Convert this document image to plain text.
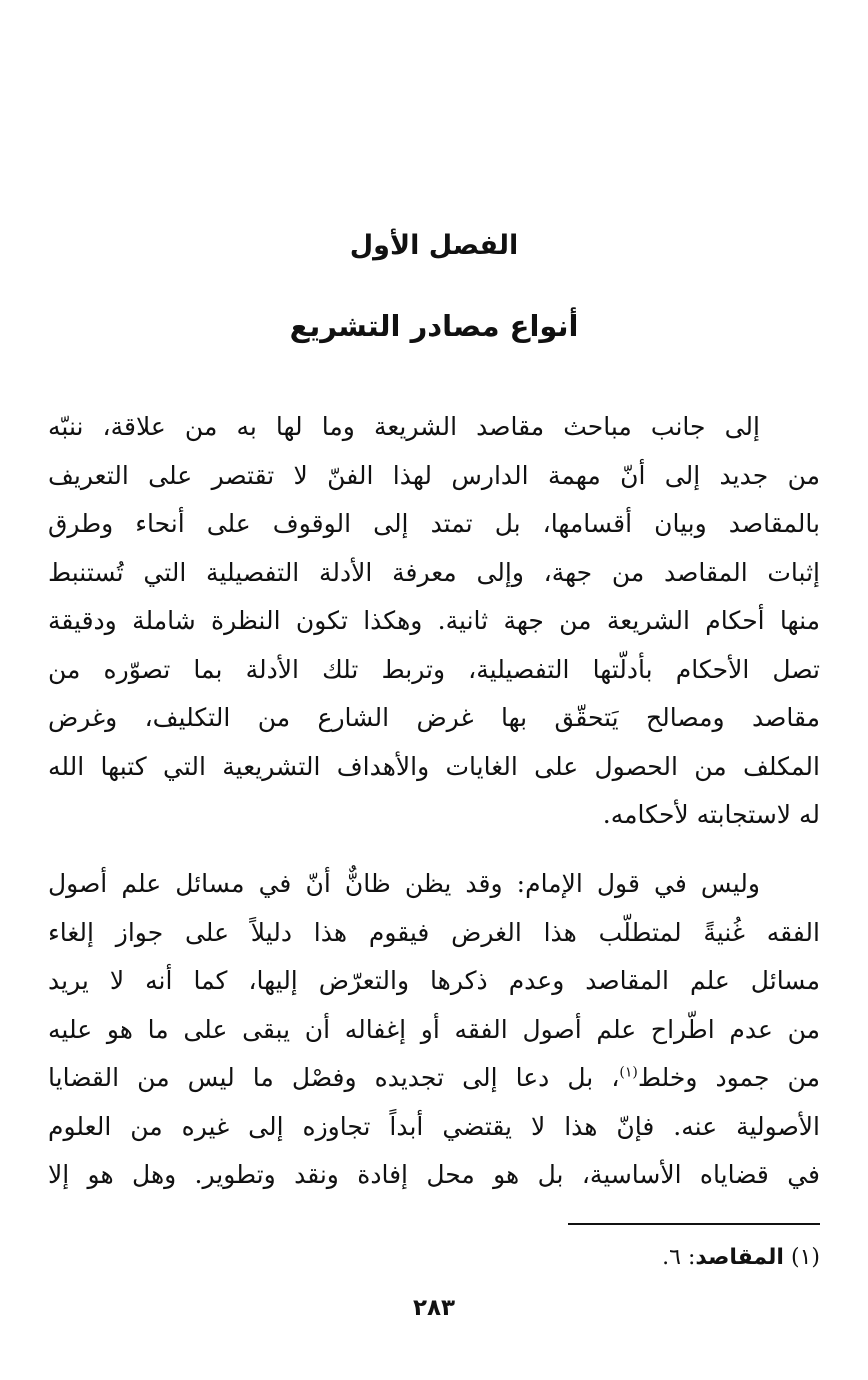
الفصل الأول
أنواع مصادر التشريع
إلى جانب مباحث مقاصد الشريعة وما لها به من علاقة، ننبّه
من جديد إلى أنّ مهمة الدارس لهذا الفنّ لا تقتصر على التعريف
بالمقاصد وبيان أقسامها، بل تمتد إلى الوقوف على أنحاء وطرق
إثبات المقاصد من جهة، وإلى معرفة الأدلة التفصيلية التي تُستنبط
منها أحكام الشريعة من جهة ثانية. وهكذا تكون النظرة شاملة ودقيقة
تصل الأحكام بأدلّتها التفصيلية، وتربط تلك الأدلة بما تصوّره من
مقاصد ومصالح يَتحقّق بها غرض الشارع من التكليف، وغرض
المكلف من الحصول على الغايات والأهداف التشريعية التي كتبها الله
له لاستجابته لأحكامه.
وليس في قول الإمام: وقد يظن ظانٌّ أنّ في مسائل علم أصول
الفقه غُنيةً لمتطلّب هذا الغرض فيقوم هذا دليلاً على جواز إلغاء
مسائل علم المقاصد وعدم ذكرها والتعرّض إليها، كما أنه لا يريد
من عدم اطّراح علم أصول الفقه أو إغفاله أن يبقى على ما هو عليه
من جمود وخلط$^{(١)}$، بل دعا إلى تجديده وفصْل ما ليس من القضايا
الأصولية عنه. فإنّ هذا لا يقتضي أبداً تجاوزه إلى غيره من العلوم
في قضاياه الأساسية، بل هو محل إفادة ونقد وتطوير. وهل هو إلا

(١) المقاصد: ٦.

٢٨٣
